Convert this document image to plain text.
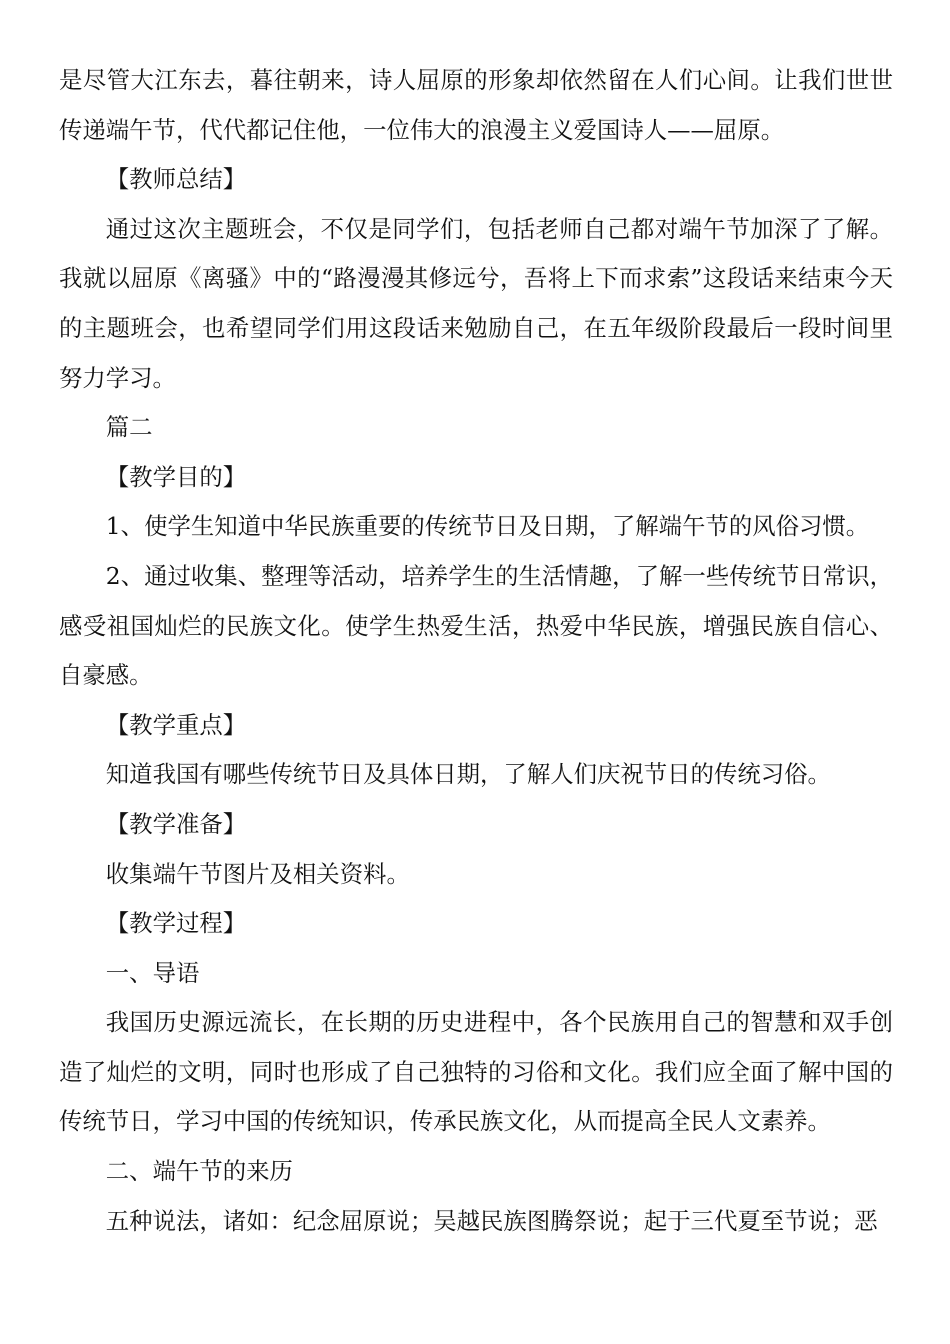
是尽管大江东去，暮往朝来，诗人屈原的形象却依然留在人们心间。让我们世世传递端午节，代代都记住他，一位伟大的浪漫主义爱国诗人——屈原。

【教师总结】

通过这次主题班会，不仅是同学们，包括老师自己都对端午节加深了了解。我就以屈原《离骚》中的“路漫漫其修远兮，吾将上下而求索”这段话来结束今天的主题班会，也希望同学们用这段话来勉励自己，在五年级阶段最后一段时间里努力学习。

篇二

【教学目的】

1、使学生知道中华民族重要的传统节日及日期，了解端午节的风俗习惯。

2、通过收集、整理等活动，培养学生的生活情趣，了解一些传统节日常识，感受祖国灿烂的民族文化。使学生热爱生活，热爱中华民族，增强民族自信心、自豪感。

【教学重点】

知道我国有哪些传统节日及具体日期，了解人们庆祝节日的传统习俗。

【教学准备】

收集端午节图片及相关资料。

【教学过程】

一、导语

我国历史源远流长，在长期的历史进程中，各个民族用自己的智慧和双手创造了灿烂的文明，同时也形成了自己独特的习俗和文化。我们应全面了解中国的传统节日，学习中国的传统知识，传承民族文化，从而提高全民人文素养。

二、端午节的来历

五种说法，诸如：纪念屈原说；吴越民族图腾祭说；起于三代夏至节说；恶
